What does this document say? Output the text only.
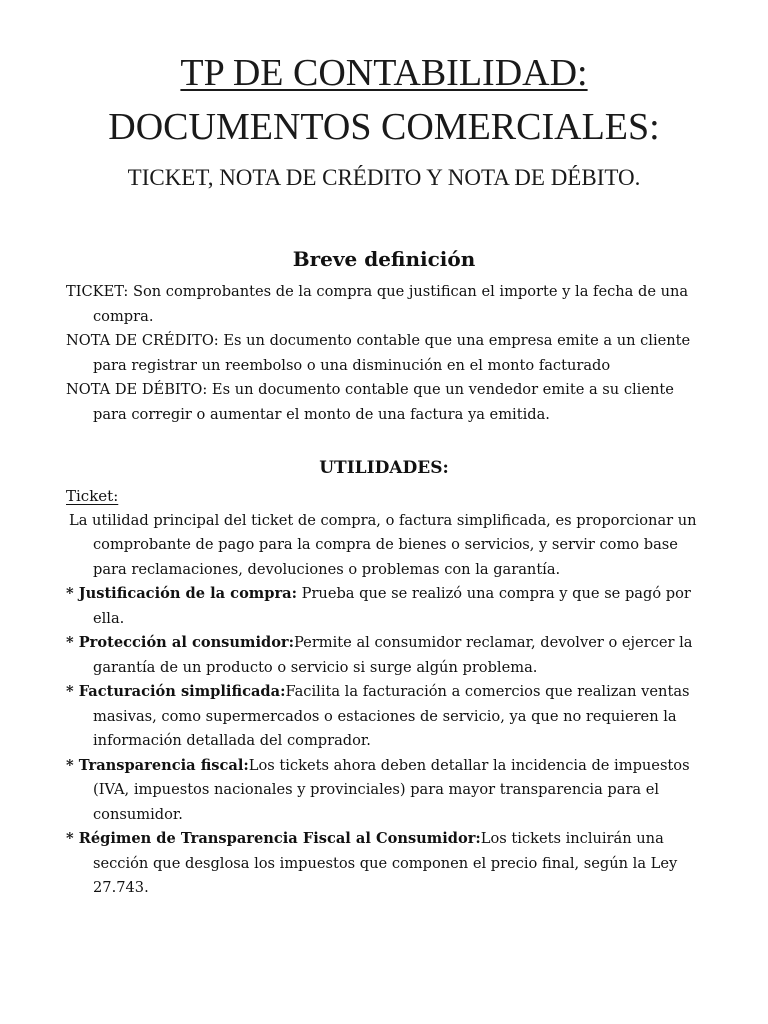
TP DE CONTABILIDAD:
DOCUMENTOS COMERCIALES:
TICKET, NOTA DE CRÉDITO Y NOTA DE DÉBITO.
Breve definición

TICKET: Son comprobantes de la compra que justifican el importe y la fecha de una compra.

NOTA DE CRÉDITO: Es un documento contable que una empresa emite a un cliente para registrar un reembolso o una disminución en el monto facturado

NOTA DE DÉBITO: Es un documento contable que un vendedor emite a su cliente para corregir o aumentar el monto de una factura ya emitida.

UTILIDADES:

Ticket:

La utilidad principal del ticket de compra, o factura simplificada, es proporcionar un comprobante de pago para la compra de bienes o servicios, y servir como base para reclamaciones, devoluciones o problemas con la garantía.

* Justificación de la compra: Prueba que se realizó una compra y que se pagó por ella.

* Protección al consumidor:Permite al consumidor reclamar, devolver o ejercer la garantía de un producto o servicio si surge algún problema.

* Facturación simplificada:Facilita la facturación a comercios que realizan ventas masivas, como supermercados o estaciones de servicio, ya que no requieren la información detallada del comprador.

* Transparencia fiscal:Los tickets ahora deben detallar la incidencia de impuestos (IVA, impuestos nacionales y provinciales) para mayor transparencia para el consumidor.

* Régimen de Transparencia Fiscal al Consumidor:Los tickets incluirán una sección que desglosa los impuestos que componen el precio final, según la Ley 27.743.
